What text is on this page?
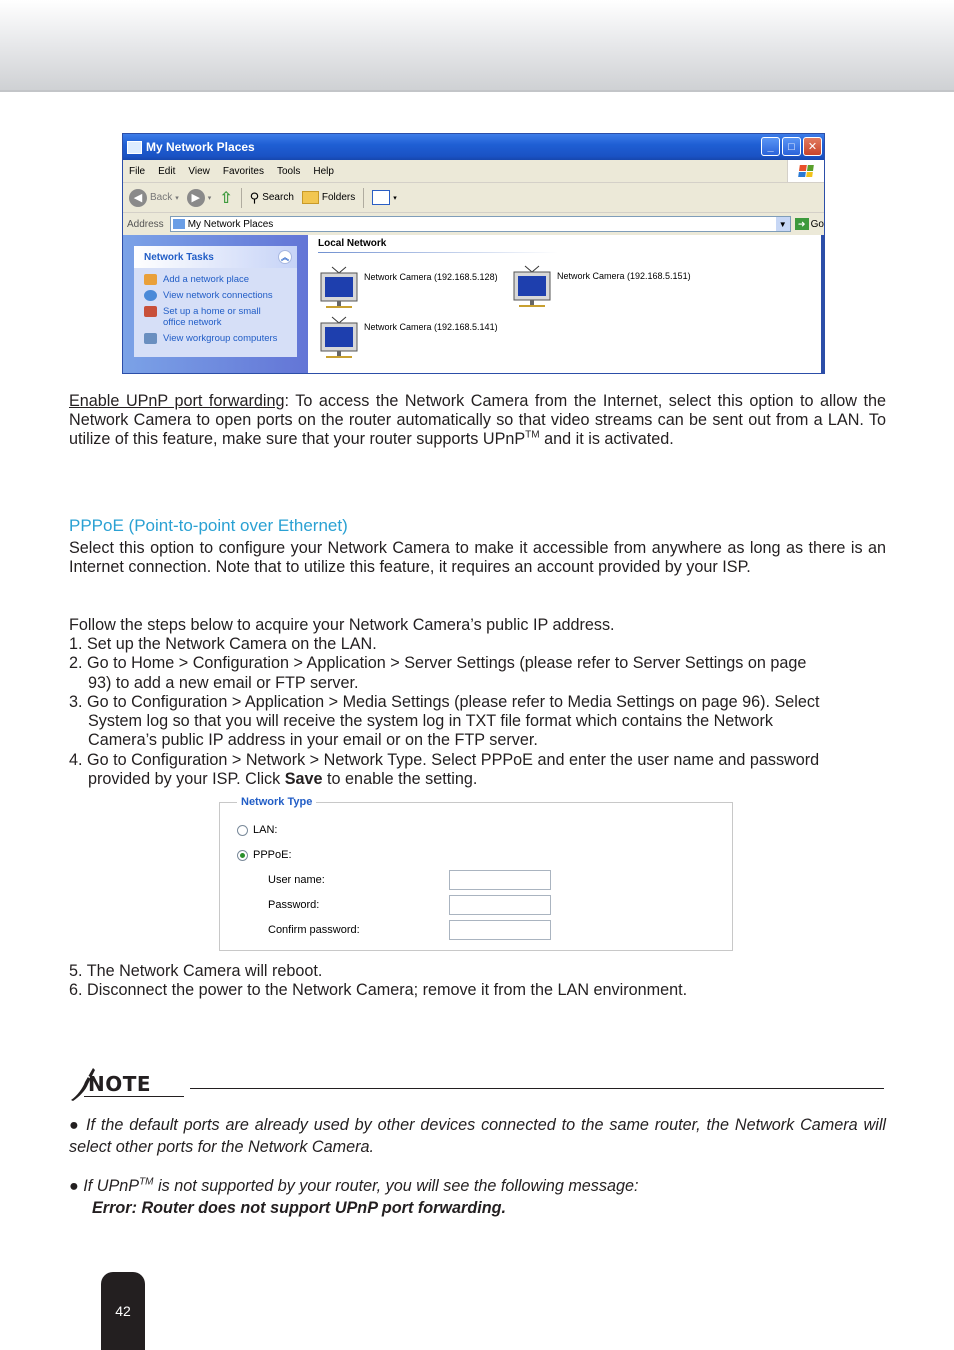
My Network Places	_	□	✕
File Edit View Favorites Tools Help
◀ Back ▾	▶	▾ ⇧ ⚲ Search	Folders	▾
Address My Network Places	▼	➜ Go
Network Tasks	︽
Add a network place
View network connections
Set up a home or small office network
View workgroup computers
Local Network
Network Camera (192.168.5.128)	Network Camera (192.168.5.151)
Network Camera (192.168.5.141)
Enable UPnP port forwarding: To access the Network Camera from the Internet, select this option to allow the Network Camera to open ports on the router automatically so that video streams can be sent out from a LAN. To utilize of this feature, make sure that your router supports UPnP™ and it is activated.
PPPoE (Point-to-point over Ethernet)
Select this option to configure your Network Camera to make it accessible from anywhere as long as there is an Internet connection. Note that to utilize this feature, it requires an account provided by your ISP.
Follow the steps below to acquire your Network Camera’s public IP address.
1. Set up the Network Camera on the LAN.
2. Go to Home > Configuration > Application > Server Settings (please refer to Server Settings on page
93) to add a new email or FTP server.
3. Go to Configuration > Application > Media Settings (please refer to Media Settings on page 96). Select
System log so that you will receive the system log in TXT file format which contains the Network
Camera’s public IP address in your email or on the FTP server.
4. Go to Configuration > Network > Network Type. Select PPPoE and enter the user name and password
provided by your ISP. Click Save to enable the setting.
Network Type
LAN:
PPPoE:
User name:
Password:
Confirm password:
5. The Network Camera will reboot.
6. Disconnect the power to the Network Camera; remove it from the LAN environment.
NOTE
● If the default ports are already used by other devices connected to the same router, the Network Camera will select other ports for the Network Camera.
● If UPnP™ is not supported by your router, you will see the following message:
Error: Router does not support UPnP port forwarding.
42
